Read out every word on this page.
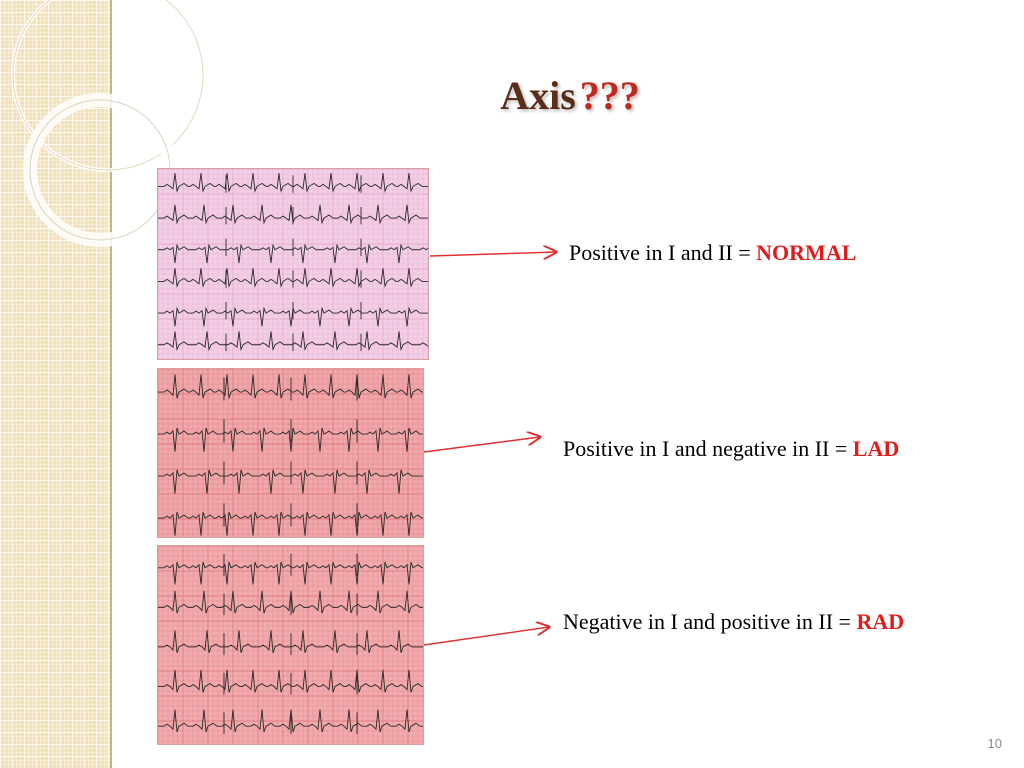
Axis ???
Positive in I and II = NORMAL
Positive in I and negative in II = LAD
Negative in I and positive in II = RAD
10
